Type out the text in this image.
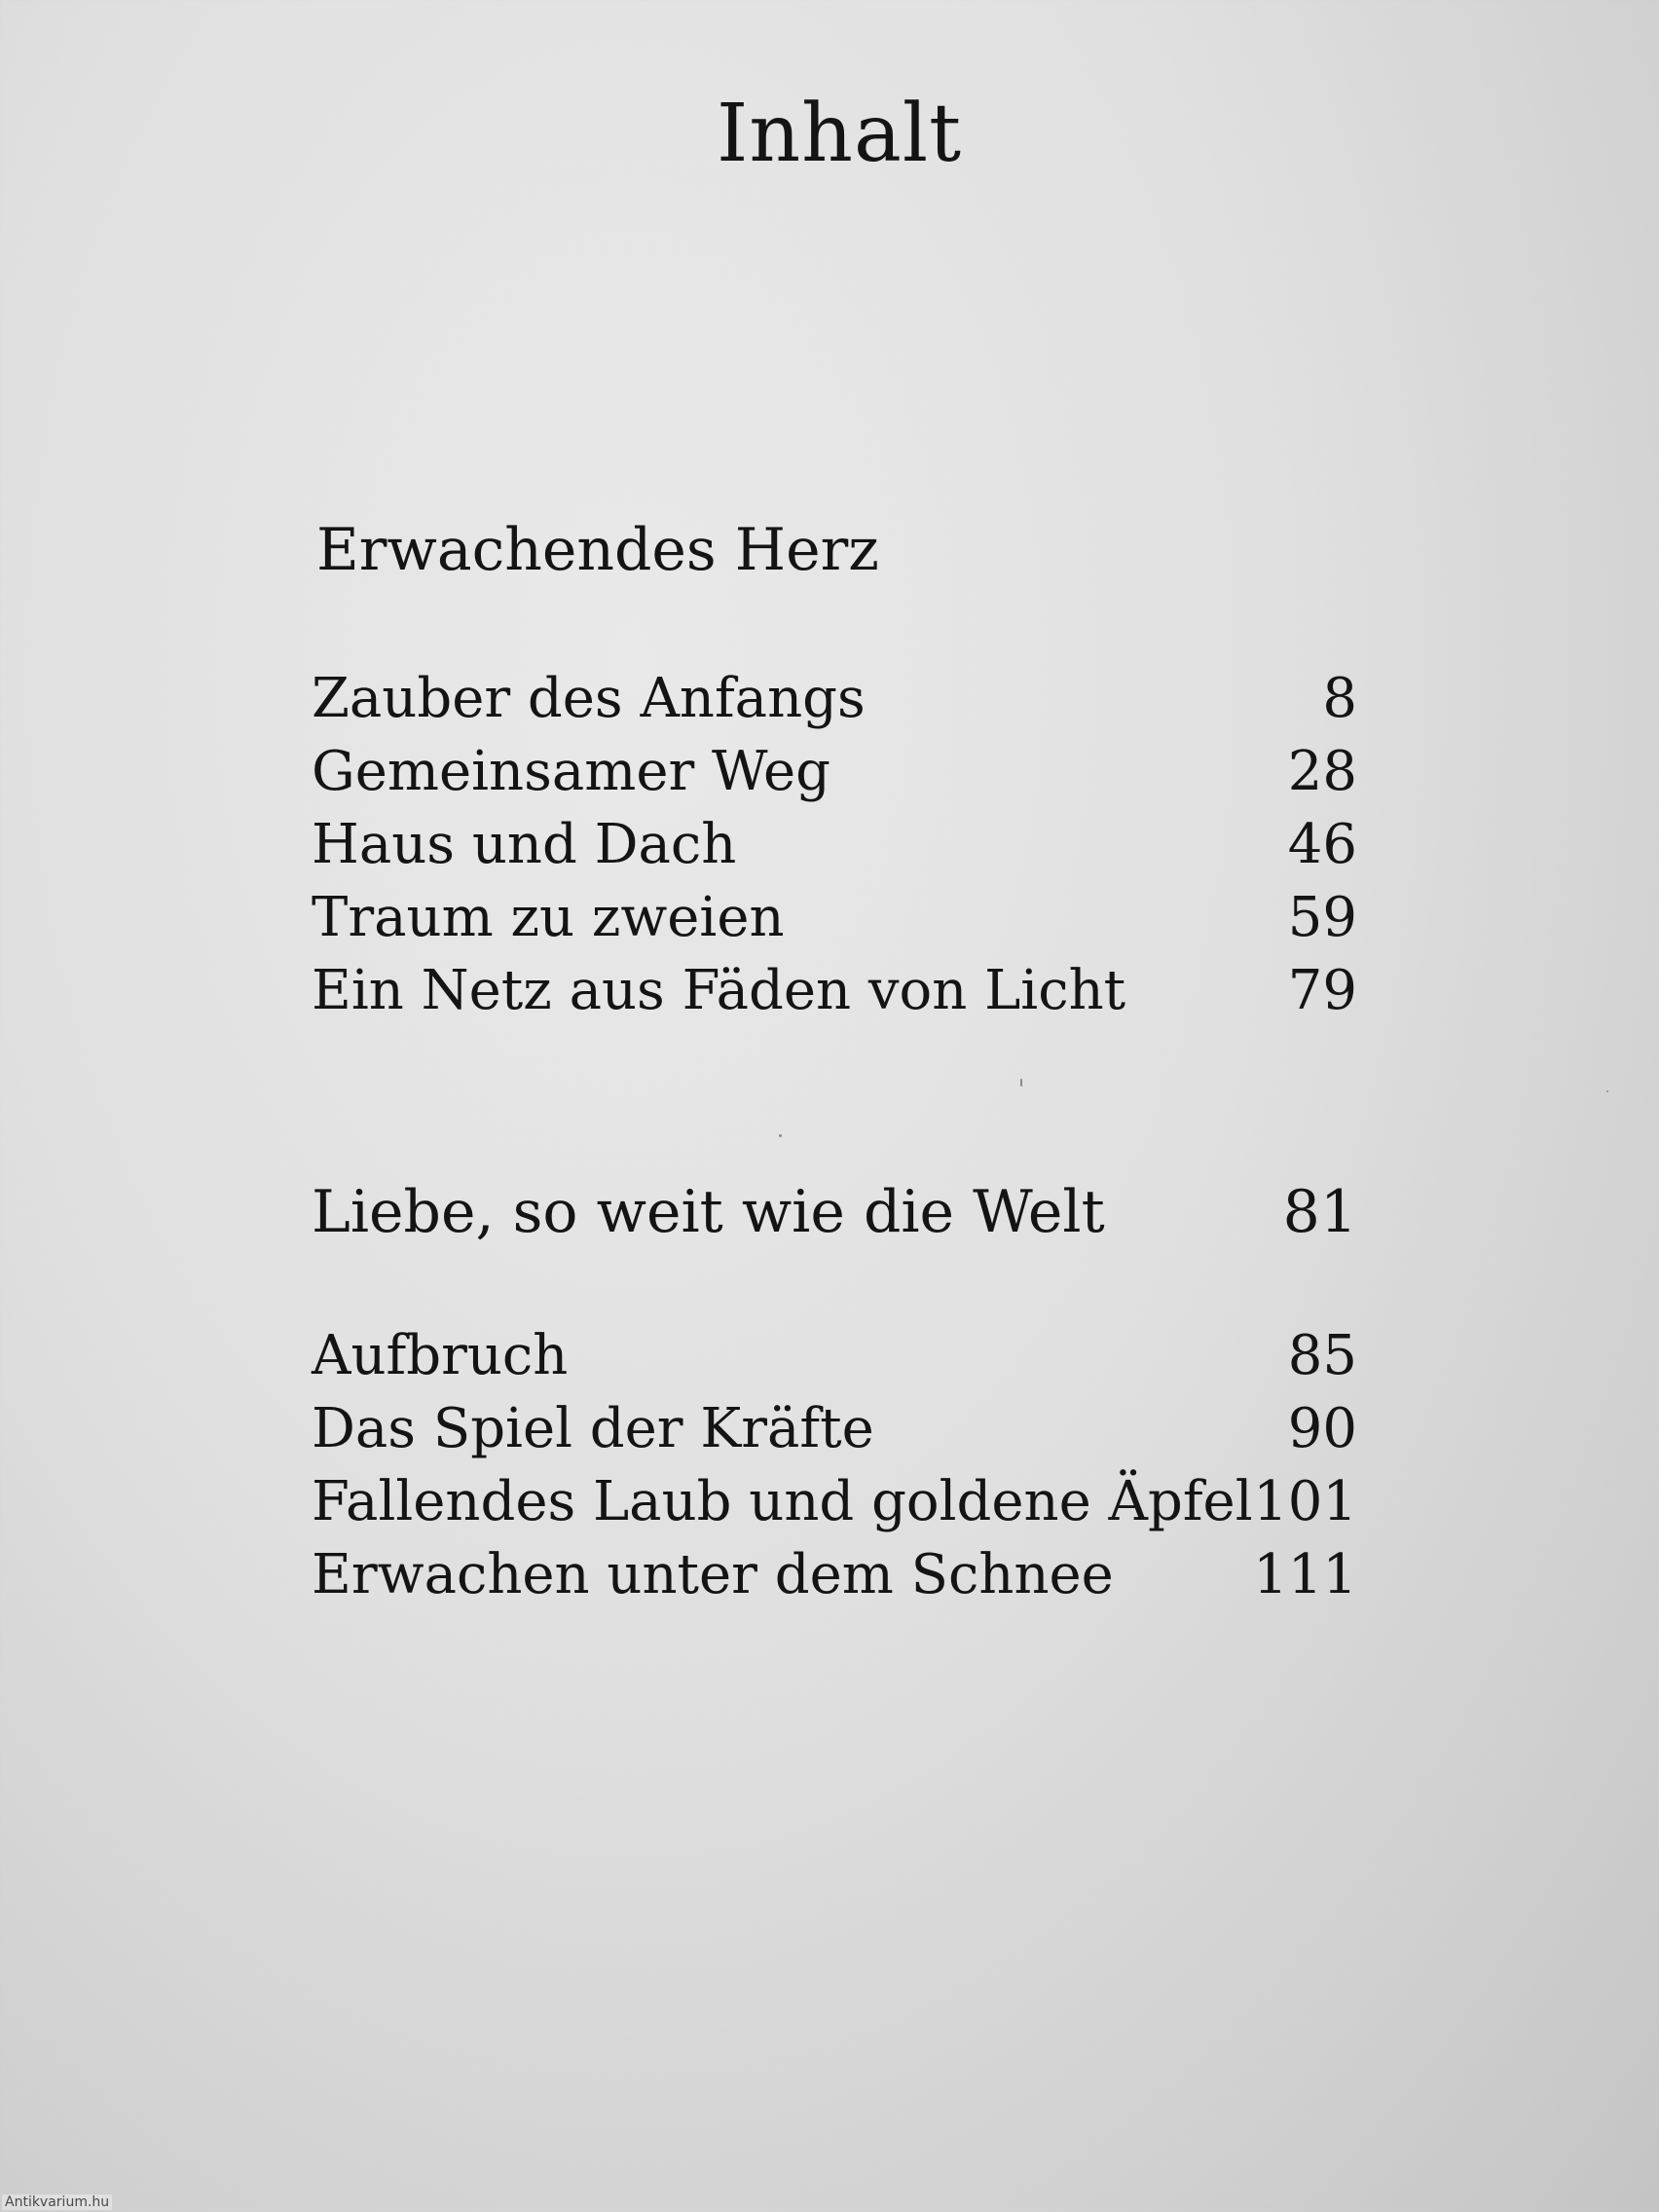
Inhalt
Erwachendes Herz
Zauber des Anfangs	8
Gemeinsamer Weg	28
Haus und Dach	46
Traum zu zweien	59
Ein Netz aus Fäden von Licht	79
Liebe, so weit wie die Welt	81
Aufbruch	85
Das Spiel der Kräfte	90
Fallendes Laub und goldene Äpfel 101
Erwachen unter dem Schnee	111
Antikvarium.hu
